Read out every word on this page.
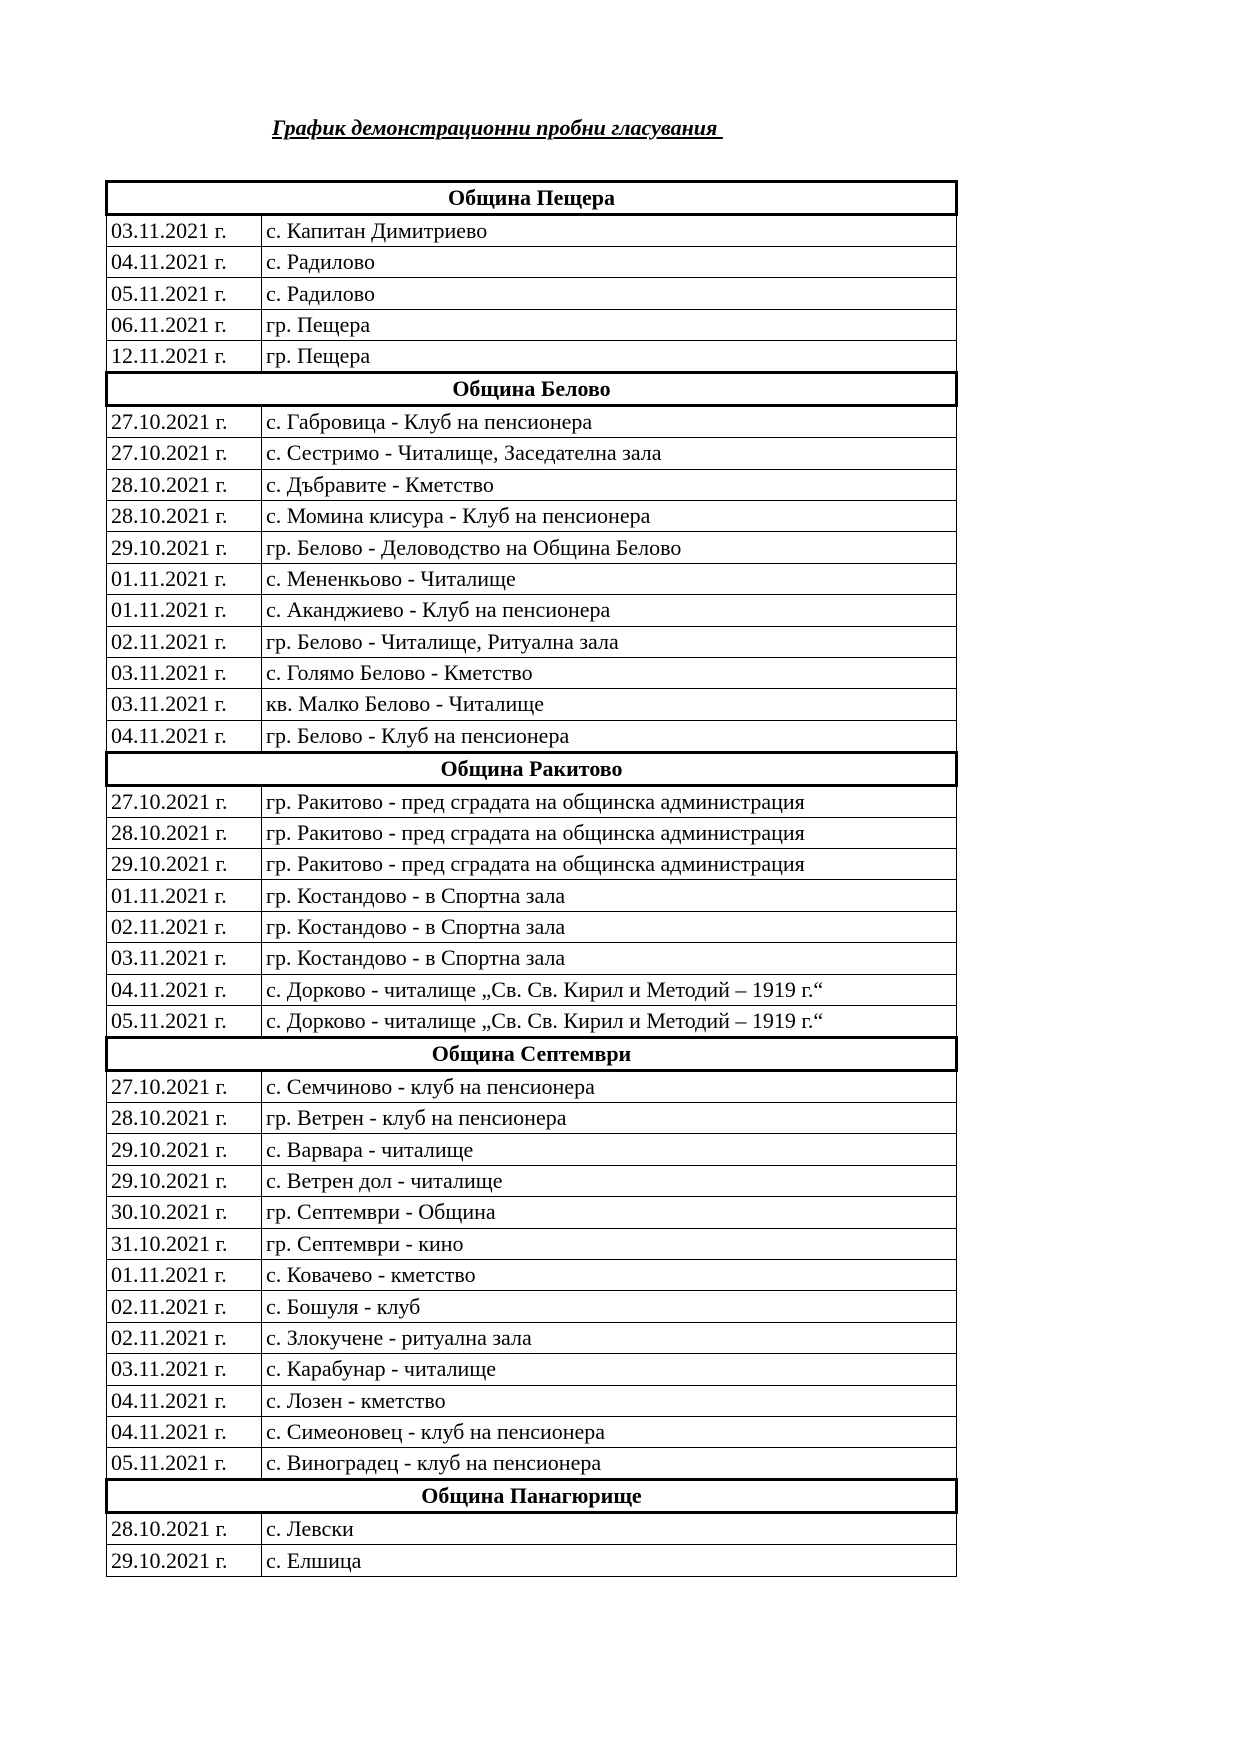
График демонстрационни пробни гласувания
Община Пещера	
03.11.2021 г.	с. Капитан Димитриево
04.11.2021 г.	с. Радилово
05.11.2021 г.	с. Радилово
06.11.2021 г.	гр. Пещера
12.11.2021 г.	гр. Пещера
Община Белово	
27.10.2021 г.	с. Габровица - Клуб на пенсионера
27.10.2021 г.	с. Сестримо - Читалище, Заседателна зала
28.10.2021 г.	с. Дъбравите - Кметство
28.10.2021 г.	с. Момина клисура - Клуб на пенсионера
29.10.2021 г.	гр. Белово - Деловодство на Община Белово
01.11.2021 г.	с. Мененкьово - Читалище
01.11.2021 г.	с. Аканджиево - Клуб на пенсионера
02.11.2021 г.	гр. Белово - Читалище, Ритуална зала
03.11.2021 г.	с. Голямо Белово - Кметство
03.11.2021 г.	кв. Малко Белово - Читалище
04.11.2021 г.	гр. Белово - Клуб на пенсионера
Община Ракитово	
27.10.2021 г.	гр. Ракитово - пред сградата на общинска администрация
28.10.2021 г.	гр. Ракитово - пред сградата на общинска администрация
29.10.2021 г.	гр. Ракитово - пред сградата на общинска администрация
01.11.2021 г.	гр. Костандово - в Спортна зала
02.11.2021 г.	гр. Костандово - в Спортна зала
03.11.2021 г.	гр. Костандово - в Спортна зала
04.11.2021 г.	с. Дорково - читалище „Св. Св. Кирил и Методий – 1919 г.“
05.11.2021 г.	с. Дорково - читалище „Св. Св. Кирил и Методий – 1919 г.“
Община Септември	
27.10.2021 г.	с. Семчиново - клуб на пенсионера
28.10.2021 г.	гр. Ветрен - клуб на пенсионера
29.10.2021 г.	с. Варвара - читалище
29.10.2021 г.	с. Ветрен дол - читалище
30.10.2021 г.	гр. Септември - Община
31.10.2021 г.	гр. Септември - кино
01.11.2021 г.	с. Ковачево - кметство
02.11.2021 г.	с. Бошуля - клуб
02.11.2021 г.	с. Злокучене - ритуална зала
03.11.2021 г.	с. Карабунар - читалище
04.11.2021 г.	с. Лозен - кметство
04.11.2021 г.	с. Симеоновец - клуб на пенсионера
05.11.2021 г.	с. Виноградец - клуб на пенсионера
Община Панагюрище	
28.10.2021 г.	с. Левски
29.10.2021 г.	с. Елшица
